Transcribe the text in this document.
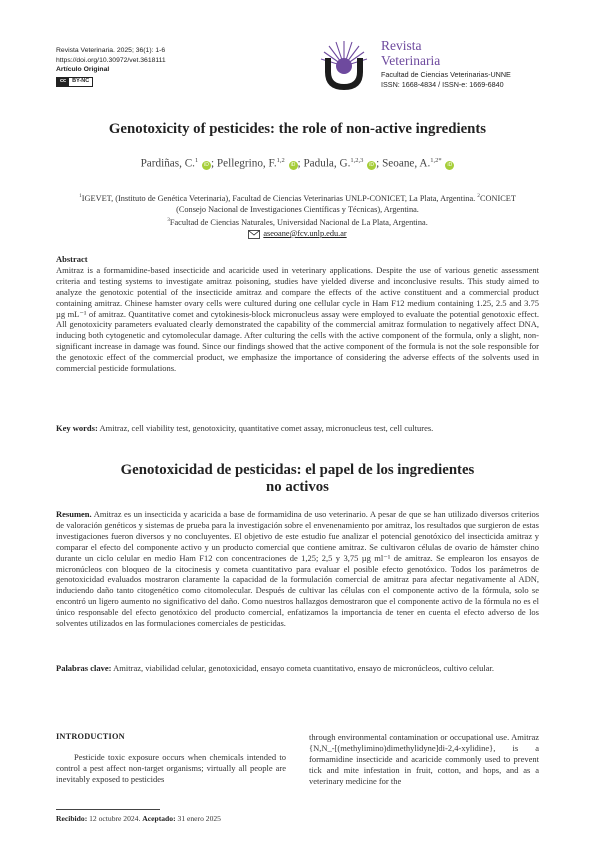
Revista Veterinaria. 2025; 36(1): 1-6
https://doi.org/10.30972/vet.3618111
Artículo Original
cc	BY-NC
Revista
Veterinaria
Facultad de Ciencias Veterinarias-UNNE
ISSN: 1668-4834 / ISSN-e: 1669-6840
Genotoxicity of pesticides: the role of non-active ingredients
Pardiñas, C.$^1$ iD ; Pellegrino, F.$^{1,2}$ iD ; Padula, G.$^{1,2,3}$ iD ; Seoane, A.$^{1,2*}$ iD
$^1$IGEVET, (Instituto de Genética Veterinaria), Facultad de Ciencias Veterinarias UNLP-CONICET, La Plata, Argentina. $^2$CONICET (Consejo Nacional de Investigaciones Científicas y Técnicas), Argentina.
$^3$Facultad de Ciencias Naturales, Universidad Nacional de La Plata, Argentina.

aseoane@fcv.unlp.edu.ar
Abstract
Amitraz is a formamidine-based insecticide and acaricide used in veterinary applications. Despite the use of various genetic assessment criteria and testing systems to investigate amitraz poisoning, studies have yielded diverse and inconclusive results. This study aimed to analyze the genotoxic potential of the insecticide amitraz and compare the effects of the active constituent and a commercial product containing amitraz. Chinese hamster ovary cells were cultured during one cellular cycle in Ham F12 medium containing 1.25, 2.5 and 3.75 µg mL⁻¹ of amitraz. Quantitative comet and cytokinesis-block micronucleus assay were employed to evaluate the potential genotoxic effect. All genotoxicity parameters evaluated clearly demonstrated the capability of the commercial amitraz formulation to negatively affect DNA, inducing both cytogenetic and cytomolecular damage. After culturing the cells with the active component of the formula, only a slight, non-significant increase in damage was found. Since our findings showed that the active component of the formula is not the sole responsible for the genotoxic effect of the commercial product, we emphasize the importance of considering the adverse effects of the solvents used in commercial pesticide formulations.
Key words: Amitraz, cell viability test, genotoxicity, quantitative comet assay, micronucleus test, cell cultures.
Genotoxicidad de pesticidas: el papel de los ingredientes
no activos
Resumen. Amitraz es un insecticida y acaricida a base de formamidina de uso veterinario. A pesar de que se han utilizado diversos criterios de valoración genéticos y sistemas de prueba para la investigación sobre el envenenamiento por amitraz, los resultados que surgieron de estas investigaciones fueron diversos y no concluyentes. El objetivo de este estudio fue analizar el potencial genotóxico del insecticida amitraz y comparar el efecto del componente activo y un producto comercial que contiene amitraz. Se cultivaron células de ovario de hámster chino durante un ciclo celular en medio Ham F12 con concentraciones de 1,25; 2,5 y 3,75 µg ml⁻¹ de amitraz. Se emplearon los ensayos de micronúcleos con bloqueo de la citocinesis y cometa cuantitativo para evaluar el posible efecto genotóxico. Todos los parámetros de genotoxicidad evaluados mostraron claramente la capacidad de la formulación comercial de amitraz para afectar negativamente al ADN, induciendo daño tanto citogenético como citomolecular. Después de cultivar las células con el componente activo de la fórmula, solo se encontró un ligero aumento no significativo del daño. Como nuestros hallazgos demostraron que el componente activo de la fórmula no es el único responsable del efecto genotóxico del producto comercial, enfatizamos la importancia de tener en cuenta el efecto adverso de los solventes utilizados en las formulaciones comerciales de pesticidas.
Palabras clave: Amitraz, viabilidad celular, genotoxicidad, ensayo cometa cuantitativo, ensayo de micronúcleos, cultivo celular.
INTRODUCTION

Pesticide toxic exposure occurs when chemicals intended to control a pest affect non-target organisms; virtually all people are inevitably exposed to pesticides

through environmental contamination or occupational use. Amitraz {N,N_-[(methylimino)dimethylidyne]di-2,4-xylidine}, is a formamidine insecticide and acaricide commonly used to prevent tick and mite infestation in fruit, cotton, and hops, and as a veterinary medicine for the

Recibido: 12 octubre 2024. Aceptado: 31 enero 2025
